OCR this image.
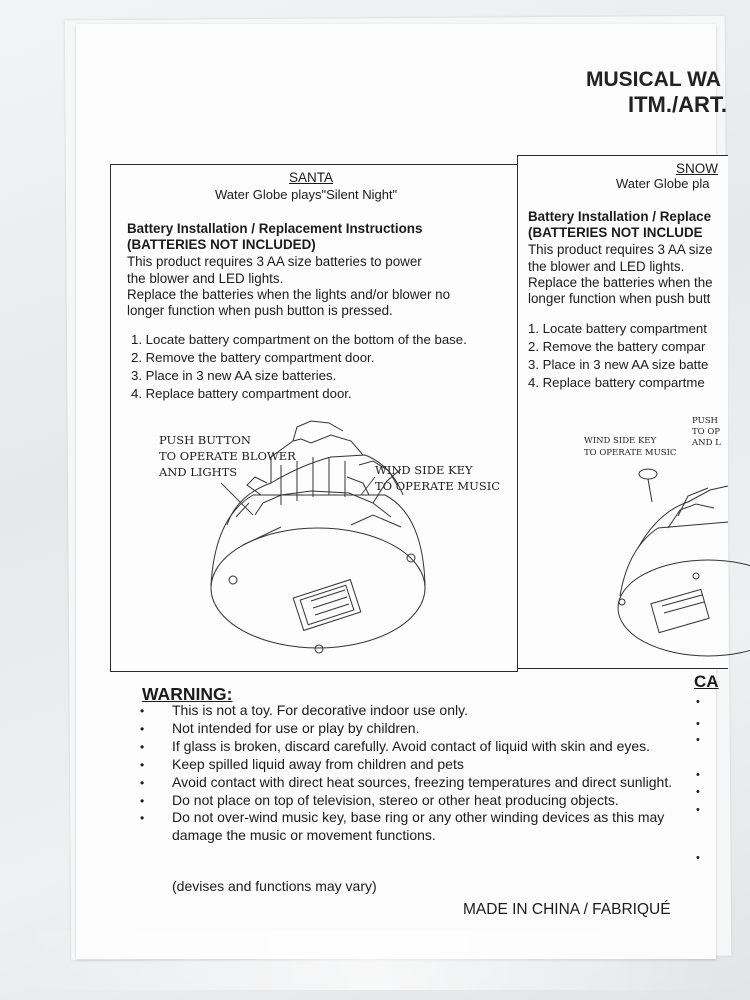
MUSICAL WA
ITM./ART.
SANTA
Water Globe plays"Silent Night"
Battery Installation / Replacement Instructions
(BATTERIES NOT INCLUDED)
This product requires 3 AA size batteries to power
the blower and LED lights.
Replace the batteries when the lights and/or blower no
longer function when push button is pressed.
1. Locate battery compartment on the bottom of the base.
2. Remove the battery compartment door.
3. Place in 3 new AA size batteries.
4. Replace battery compartment door.
PUSH BUTTON
TO OPERATE BLOWER
AND LIGHTS	WIND SIDE KEY
TO OPERATE MUSIC
SNOW
Water Globe pla
Battery Installation / Replace
(BATTERIES NOT INCLUDE
This product requires 3 AA size
the blower and LED lights.
Replace the batteries when the
longer function when push butt
1. Locate battery compartment
2. Remove the battery compar
3. Place in 3 new AA size batte
4. Replace battery compartme
WIND SIDE KEY
TO OPERATE MUSIC
PUSH
TO OP
AND L
WARNING:
• This is not a toy. For decorative indoor use only.
• Not intended for use or play by children.
• If glass is broken, discard carefully. Avoid contact of liquid with skin and eyes.
• Keep spilled liquid away from children and pets
• Avoid contact with direct heat sources, freezing temperatures and direct sunlight.
• Do not place on top of television, stereo or other heat producing objects.
• Do not over-wind music key, base ring or any other winding devices as this may damage the music or movement functions.
(devises and functions may vary)
MADE IN CHINA / FABRIQUÉ
CA
•
•
•
•
•
•
•
